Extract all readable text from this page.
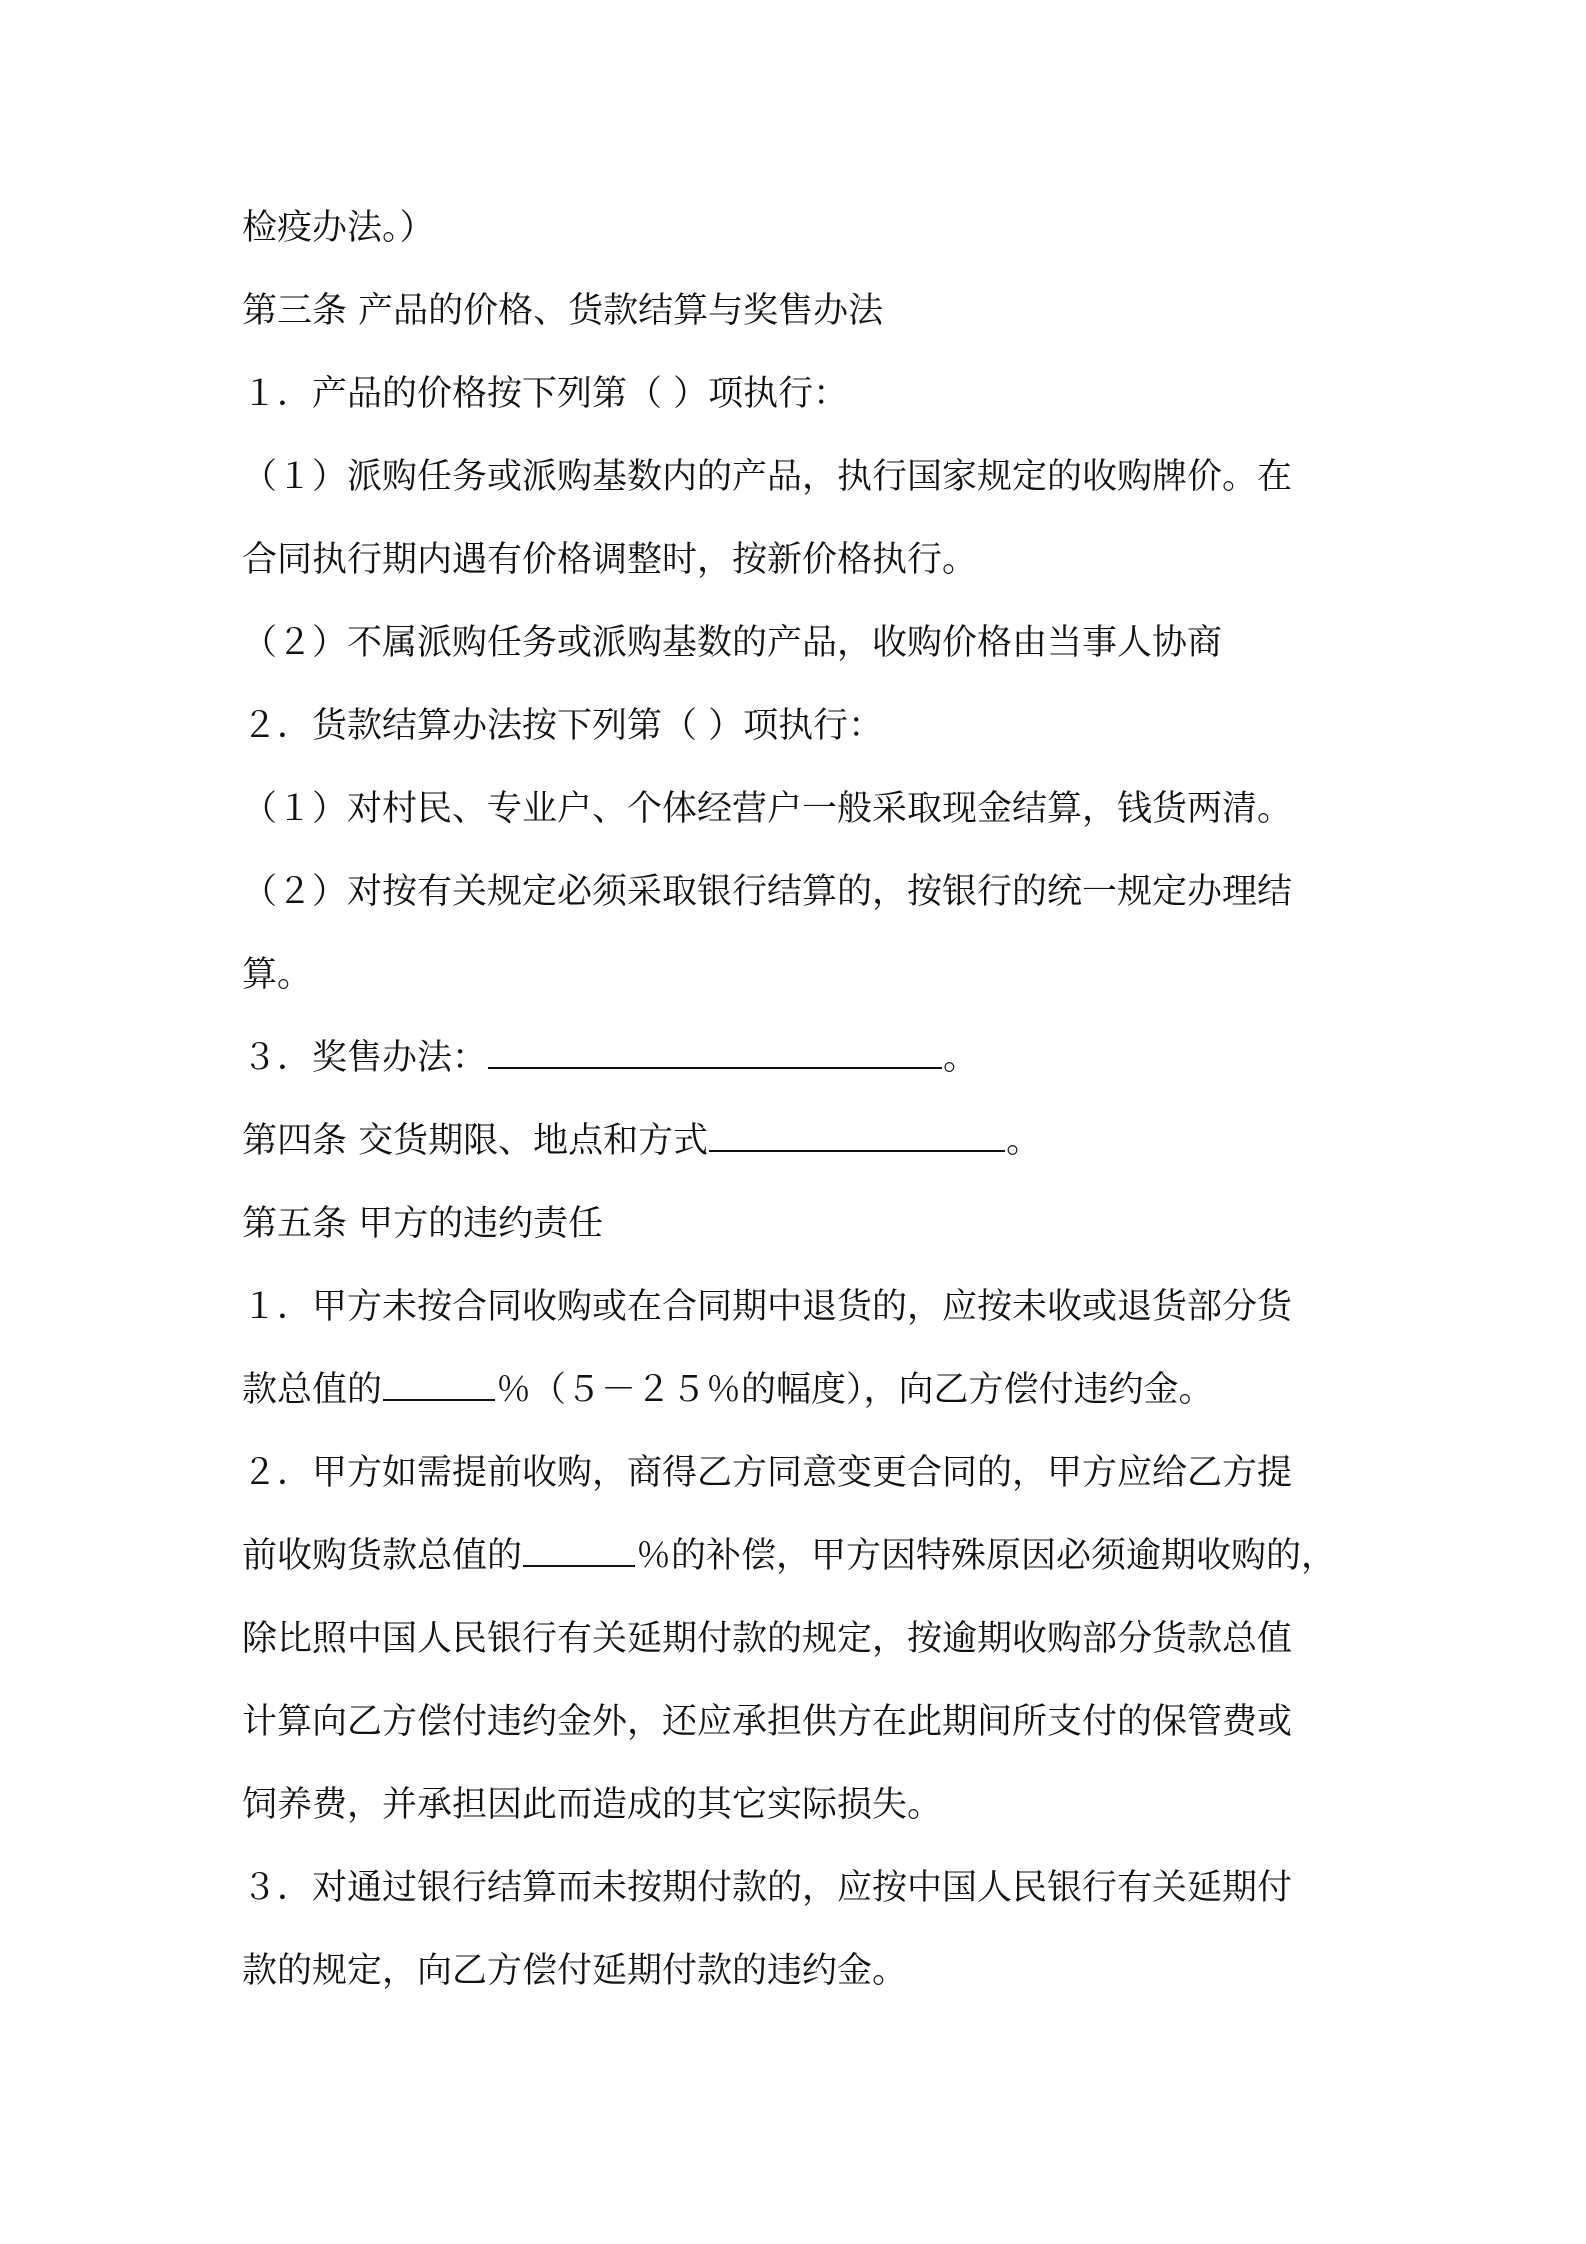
检疫办法。）
第三条 产品的价格、货款结算与奖售办法
１．产品的价格按下列第（ ）项执行：
（１）派购任务或派购基数内的产品，执行国家规定的收购牌价。在
合同执行期内遇有价格调整时，按新价格执行。
（２）不属派购任务或派购基数的产品，收购价格由当事人协商
２．货款结算办法按下列第（ ）项执行：
（１）对村民、专业户、个体经营户一般采取现金结算，钱货两清。
（２）对按有关规定必须采取银行结算的，按银行的统一规定办理结
算。
３．奖售办法：	。
第四条 交货期限、地点和方式	。
第五条 甲方的违约责任
１．甲方未按合同收购或在合同期中退货的，应按未收或退货部分货
款总值的	％（５－２５％的幅度），向乙方偿付违约金。
２．甲方如需提前收购，商得乙方同意变更合同的，甲方应给乙方提
前收购货款总值的	％的补偿，甲方因特殊原因必须逾期收购的，
除比照中国人民银行有关延期付款的规定，按逾期收购部分货款总值
计算向乙方偿付违约金外，还应承担供方在此期间所支付的保管费或
饲养费，并承担因此而造成的其它实际损失。
３．对通过银行结算而未按期付款的，应按中国人民银行有关延期付
款的规定，向乙方偿付延期付款的违约金。
